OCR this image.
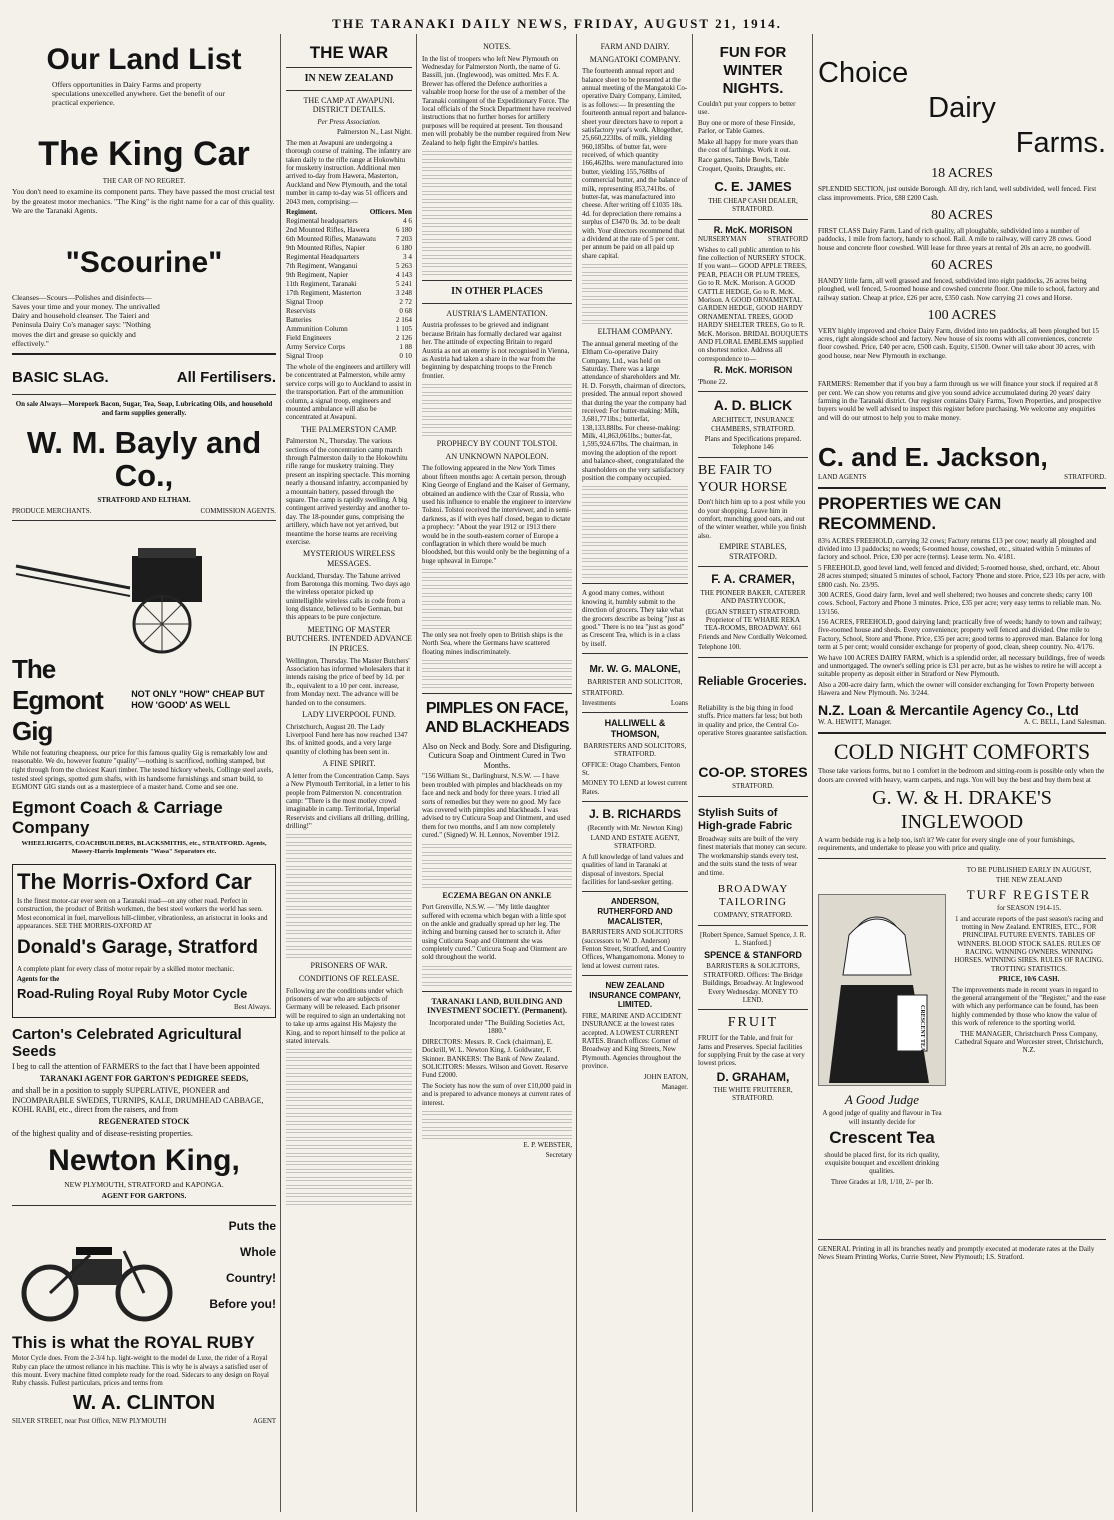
THE TARANAKI DAILY NEWS, FRIDAY, AUGUST 21, 1914.
Our Land List

Offers opportunities in Dairy Farms and property speculations unexcelled anywhere. Get the benefit of our practical experience.

The King Car

THE CAR OF NO REGRET.

You don't need to examine its component parts. They have passed the most crucial test by the greatest motor mechanics. "The King" is the right name for a car of this quality. We are the Taranaki Agents.

"Scourine"

Cleanses—Scours—Polishes and disinfects—Saves your time and your money. The unrivalled Dairy and household cleanser. The Taieri and Peninsula Dairy Co's manager says: "Nothing moves the dirt and grease so quickly and effectively."

BASIC SLAG.	All Fertilisers.

On sale Always—Morepork Bacon, Sugar, Tea, Soap, Lubricating Oils, and household and farm supplies generally.

W. M. Bayly and Co.,

STRATFORD AND ELTHAM.

PRODUCE MERCHANTS.	COMMISSION AGENTS.
The Egmont Gig
NOT ONLY "HOW" CHEAP BUT HOW 'GOOD' AS WELL

While not featuring cheapness, our price for this famous quality Gig is remarkably low and reasonable. We do, however feature "quality"—nothing is sacrificed, nothing stamped, but right through from the choicest Kauri timber. The tested hickory wheels, Collinge steel axels, tested steel springs, spotted gum shafts, with its handsome furnishings and smart build, to EGMONT GIG stands out as a masterpiece of a master hand. Come and see one.

Egmont Coach & Carriage Company

WHEELRIGHTS, COACHBUILDERS, BLACKSMITHS, etc., STRATFORD. Agents, Massey-Harris Implements "Wasa" Separators etc.

The Morris-Oxford Car

Is the finest motor-car ever seen on a Taranaki road—on any other road. Perfect in construction, the product of British workmen, the best steel workers the world has seen. Most economical in fuel, marvellous hill-climber, vibrationless, an aristocrat in looks and appearances. SEE THE MORRIS-OXFORD AT

Donald's Garage, Stratford

A complete plant for every class of motor repair by a skilled motor mechanic.

Agents for the

Road-Ruling Royal Ruby Motor Cycle

Best Always.

Carton's Celebrated Agricultural Seeds

I beg to call the attention of FARMERS to the fact that I have been appointed

TARANAKI AGENT FOR GARTON'S PEDIGREE SEEDS,

and shall be in a position to supply SUPERLATIVE, PIONEER and INCOMPARABLE SWEDES, TURNIPS, KALE, DRUMHEAD CABBAGE, KOHL RABI, etc., direct from the raisers, and from

REGENERATED STOCK

of the highest quality and of disease-resisting properties.

Newton King,

NEW PLYMOUTH, STRATFORD and KAPONGA.

AGENT FOR GARTONS.

Puts the
Whole
Country!
Before you!
This is what the ROYAL RUBY

Motor Cycle does. From the 2-3/4 h.p. light-weight to the model de Luxe, the rider of a Royal Ruby can place the utmost reliance in his machine. This is why he is always a satisfied user of this mount. Every machine fitted complete ready for the road. Sidecars to any design on Royal Ruby chassis. Fullest particulars, prices and terms from

W. A. CLINTON
SILVER STREET, near Post Office, NEW PLYMOUTH	AGENT
THE WAR
IN NEW ZEALAND
THE CAMP AT AWAPUNI. DISTRICT DETAILS.

Per Press Association.

Palmerston N., Last Night.

The men at Awapuni are undergoing a thorough course of training. The infantry are taken daily to the rifle range at Hokowhitu for musketry instruction. Additional men arrived to-day from Hawera, Masterton, Auckland and New Plymouth, and the total number in camp to-day was 51 officers and 2043 men, comprising:—

Regiment.	Officers. Men
Regimental headquarters	4 6
2nd Mounted Rifles, Hawera	6 180
6th Mounted Rifles, Manawatu	7 203
9th Mounted Rifles, Napier	6 180
Regimental Headquarters	3 4
7th Regiment, Wanganui	5 263
9th Regiment, Napier	4 143
11th Regiment, Taranaki	5 241
17th Regiment, Masterton	3 248
Signal Troop	2 72
Reservists	0 68
Batteries	2 164
Ammunition Column	1 105
Field Engineers	2 126
Army Service Corps	1 88
Signal Troop	0 10

The whole of the engineers and artillery will be concentrated at Palmerston, while army service corps will go to Auckland to assist in the transportation. Part of the ammunition column, a signal troop, engineers and mounted ambulance will also be concentrated at Awapuni.

THE PALMERSTON CAMP.

Palmerston N., Thursday. The various sections of the concentration camp march through Palmerston daily to the Hokowhitu rifle range for musketry training. They present an inspiring spectacle. This morning nearly a thousand infantry, accompanied by a mountain battery, passed through the square. The camp is rapidly swelling. A big contingent arrived yesterday and another to-day. The 18-pounder guns, comprising the artillery, which have not yet arrived, but meantime the horse teams are receiving exercise.

MYSTERIOUS WIRELESS MESSAGES.

Auckland, Thursday. The Tahune arrived from Barotonga this morning. Two days ago the wireless operator picked up unintelligible wireless calls in code from a long distance, believed to be German, but this appears to be pure conjecture.

MEETING OF MASTER BUTCHERS. INTENDED ADVANCE IN PRICES.

Wellington, Thursday. The Master Butchers' Association has informed wholesalers that it intends raising the price of beef by 1d. per lb., equivalent to a 10 per cent. increase, from Monday next. The advance will be handed on to the consumers.

LADY LIVERPOOL FUND.

Christchurch, August 20. The Lady Liverpool Fund here has now reached 1347 lbs. of knitted goods, and a very large quantity of clothing has been sent in.

A FINE SPIRIT.

A letter from the Concentration Camp. Says a New Plymouth Territorial, in a letter to his people from Palmerston N. concentration camp: "There is the most motley crowd imaginable in camp. Territorial, Imperial Reservists and civilians all drilling, drilling, drilling!"

PRISONERS OF WAR.
CONDITIONS OF RELEASE.

Following are the conditions under which prisoners of war who are subjects of Germany will be released. Each prisoner will be required to sign an undertaking not to take up arms against His Majesty the King, and to report himself to the police at stated intervals.

NOTES.

In the list of troopers who left New Plymouth on Wednesday for Palmerston North, the name of G. Bassill, jun. (Inglewood), was omitted. Mrs F. A. Brewer has offered the Defence authorities a valuable troop horse for the use of a member of the Taranaki contingent of the Expeditionary Force. The local officials of the Stock Department have received instructions that no further horses for artillery purposes will be required at present. Ten thousand men will probably be the number required from New Zealand to help fight the Empire's battles.

IN OTHER PLACES
AUSTRIA'S LAMENTATION.

Austria professes to be grieved and indignant because Britain has formally declared war against her. The attitude of expecting Britain to regard Austria as not an enemy is not recognised in Vienna, as Austria had taken a share in the war from the beginning by despatching troops to the French frontier.

PROPHECY BY COUNT TOLSTOI.
AN UNKNOWN NAPOLEON.

The following appeared in the New York Times about fifteen months ago: A certain person, through King George of England and the Kaiser of Germany, obtained an audience with the Czar of Russia, who used his influence to enable the engineer to interview Tolstoi. Tolstoi received the interviewer, and in semi-darkness, as if with eyes half closed, began to dictate a prophecy: "About the year 1912 or 1913 there would be in the south-eastern corner of Europe a conflagration in which there would be much bloodshed, but this would only be the beginning of a huge upheaval in Europe."

The only sea not freely open to British ships is the North Sea, where the Germans have scattered floating mines indiscriminately.

PIMPLES ON FACE, AND BLACKHEADS

Also on Neck and Body. Sore and Disfiguring. Cuticura Soap and Ointment Cured in Two Months.

"156 William St., Darlinghurst, N.S.W. — I have been troubled with pimples and blackheads on my face and neck and body for three years. I tried all sorts of remedies but they were no good. My face was covered with pimples and blackheads. I was advised to try Cuticura Soap and Ointment, and used them for two months, and I am now completely cured." (Signed) W. H. Lennox, November 1912.

ECZEMA BEGAN ON ANKLE

Port Grenville, N.S.W. — "My little daughter suffered with eczema which began with a little spot on the ankle and gradually spread up her leg. The itching and burning caused her to scratch it. After using Cuticura Soap and Ointment she was completely cured." Cuticura Soap and Ointment are sold throughout the world.

TARANAKI LAND, BUILDING AND INVESTMENT SOCIETY. (Permanent).

Incorporated under "The Building Societies Act, 1880."

DIRECTORS: Messrs. R. Cock (chairman), E. Dockrill, W. L. Newton King, J. Goldwater, F. Skinner. BANKERS: The Bank of New Zealand. SOLICITORS: Messrs. Wilson and Govett. Reserve Fund £2000.

The Society has now the sum of over £10,000 paid in and is prepared to advance moneys at current rates of interest.

E. P. WEBSTER,

Secretary

FARM AND DAIRY.
MANGATOKI COMPANY.

The fourteenth annual report and balance sheet to be presented at the annual meeting of the Mangatoki Co-operative Dairy Company, Limited, is as follows:— In presenting the fourteenth annual report and balance-sheet your directors have to report a satisfactory year's work. Altogether, 25,660,223lbs. of milk, yielding 960,185lbs. of butter fat, were received, of which quantity 166,462lbs. were manufactured into butter, yielding 155,768lbs of commercial butter, and the balance of milk, representing 853,741lbs. of butter-fat, was manufactured into cheese. After writing off £1035 18s. 4d. for depreciation there remains a surplus of £3470 0s. 3d. to be dealt with. Your directors recommend that a dividend at the rate of 5 per cent. per annum be paid on all paid up share capital.

ELTHAM COMPANY.

The annual general meeting of the Eltham Co-operative Dairy Company, Ltd., was held on Saturday. There was a large attendance of shareholders and Mr. H. D. Forsyth, chairman of directors, presided. The annual report showed that during the year the company had received: For butter-making: Milk, 3,681,771lbs.; butterfat, 138,133.88lbs. For cheese-making: Milk, 41,863,061lbs.; butter-fat, 1,595,924.67lbs. The chairman, in moving the adoption of the report and balance-sheet, congratulated the shareholders on the very satisfactory position the company occupied.

A good many comes, without knowing it, humbly submit to the direction of grocers. They take what the grocers describe as being "just as good." There is no tea "just as good" as Crescent Tea, which is in a class by itself.

Mr. W. G. MALONE,

BARRISTER AND SOLICITOR,

STRATFORD.

Investments	Loans
HALLIWELL & THOMSON,

BARRISTERS AND SOLICITORS, STRATFORD.

OFFICE: Otago Chambers, Fenton St.

MONEY TO LEND at lowest current Rates.

J. B. RICHARDS

(Recently with Mr. Newton King)

LAND AND ESTATE AGENT, STRATFORD.

A full knowledge of land values and qualities of land in Taranaki at disposal of investors. Special facilities for land-seeker getting.

ANDERSON, RUTHERFORD AND MACALISTER,

BARRISTERS AND SOLICITORS (successors to W. D. Anderson) Fenton Street, Stratford, and Country Offices, Whangamomona. Money to lend at lowest current rates.

NEW ZEALAND INSURANCE COMPANY, LIMITED.

FIRE, MARINE AND ACCIDENT INSURANCE at the lowest rates accepted. A LOWEST CURRENT RATES. Branch offices: Corner of Broadway and King Streets, New Plymouth. Agencies throughout the province.

JOHN EATON,

Manager.

FUN FOR WINTER NIGHTS.

Couldn't put your coppers to better use.

Buy one or more of these Fireside, Parlor, or Table Games.

Make all happy for more years than the cost of farthings. Work it out.

Race games, Table Bowls, Table Croquet, Quoits, Draughts, etc.

C. E. JAMES

THE CHEAP CASH DEALER, STRATFORD.

R. McK. MORISON
NURSERYMAN	STRATFORD

Wishes to call public attention to his fine collection of NURSERY STOCK. If you want— GOOD APPLE TREES, PEAR, PEACH OR PLUM TREES, Go to R. McK. Morison. A GOOD CATTLE HEDGE, Go to R. McK. Morison. A GOOD ORNAMENTAL GARDEN HEDGE, GOOD HARDY ORNAMENTAL TREES, GOOD HARDY SHELTER TREES, Go to R. McK. Morison. BRIDAL BOUQUETS AND FLORAL EMBLEMS supplied on shortest notice. Address all correspondence to—

R. McK. MORISON

'Phone 22.

A. D. BLICK

ARCHITECT, INSURANCE CHAMBERS, STRATFORD.

Plans and Specifications prepared. Telephone 146

BE FAIR TO YOUR HORSE

Don't hitch him up to a post while you do your shopping. Leave him in comfort, munching good oats, and out of the winter weather, while you finish also.

EMPIRE STABLES, STRATFORD.

F. A. CRAMER,

THE PIONEER BAKER, CATERER AND PASTRYCOOK,

(EGAN STREET) STRATFORD. Proprietor of TE WHARE REKA TEA-ROOMS, BROADWAY. 661 Friends and New Cordially Welcomed.

Telephone 100.

Reliable Groceries.

Reliability is the big thing in food stuffs. Price matters far less; but both in quality and price, the Central Co-operative Stores guarantee satisfaction.

CO-OP. STORES

STRATFORD.

Stylish Suits of High-grade Fabric

Broadway suits are built of the very finest materials that money can secure. The workmanship stands every test, and the suits stand the tests of wear and time.

BROADWAY TAILORING

COMPANY, STRATFORD.

[Robert Spence, Samuel Spence, J. R. L. Stanford.]

SPENCE & STANFORD

BARRISTERS & SOLICITORS, STRATFORD. Offices: The Bridge Buildings, Broadway. At Inglewood Every Wednesday. MONEY TO LEND.

FRUIT

FRUIT for the Table, and fruit for Jams and Preserves. Special facilities for supplying Fruit by the case at very lowest prices.

D. GRAHAM,

THE WHITE FRUITERER, STRATFORD.

Choice
Dairy
Farms.
18 ACRES

SPLENDID SECTION, just outside Borough. All dry, rich land, well subdivided, well fenced. First class improvements. Price, £88 £200 Cash.

80 ACRES

FIRST CLASS Dairy Farm. Land of rich quality, all ploughable, subdivided into a number of paddocks, 1 mile from factory, handy to school. Rail. A mile to railway, will carry 28 cows. Good house and concrete floor cowshed. Will lease for three years at rental of 20s an acre, no goodwill.

60 ACRES

HANDY little farm, all well grassed and fenced, subdivided into eight paddocks, 26 acres being ploughed, well fenced, 5-roomed house and cowshed concrete floor. One mile to school, factory and railway station. Cheap at price, £26 per acre, £350 cash. Now carrying 21 cows and Horse.

100 ACRES

VERY highly improved and choice Dairy Farm, divided into ten paddocks, all been ploughed but 15 acres, right alongside school and factory. New house of six rooms with all conveniences, concrete floor cowshed. Price, £40 per acre, £500 cash. Equity, £1500. Owner will take about 30 acres, with good house, near New Plymouth in exchange.

FARMERS: Remember that if you buy a farm through us we will finance your stock if required at 8 per cent. We can show you returns and give you sound advice accumulated during 20 years' dairy farming in the Taranaki district. Our register contains Dairy Farms, Town Properties, and prospective buyers would be well advised to inspect this register before purchasing. We welcome any enquiries and will do our utmost to help you to make money.

C. and E. Jackson,
LAND AGENTS	STRATFORD.
PROPERTIES WE CAN RECOMMEND.

83¼ ACRES FREEHOLD, carrying 32 cows; Factory returns £13 per cow; nearly all ploughed and divided into 13 paddocks; no weeds; 6-roomed house, cowshed, etc., situated within 5 minutes of factory and school. Price, £30 per acre (terms). Lease term. No. 4/181.

5 FREEHOLD, good level land, well fenced and divided; 5-roomed house, shed, orchard, etc. About 28 acres stumped; situated 5 minutes of school, Factory 'Phone and store. Price, £23 10s per acre, with £800 cash. No. 23/95.

300 ACRES, Good dairy farm, level and well sheltered; two houses and concrete sheds; carry 100 cows. School, Factory and Phone 3 minutes. Price, £35 per acre; very easy terms to reliable man. No. 13/156.

156 ACRES, FREEHOLD, good dairying land; practically free of weeds; handy to town and railway; five-roomed house and sheds. Every convenience; property well fenced and divided. One mile to Factory, School, Store and 'Phone. Price, £35 per acre; good terms to approved man. Balance for long term at 5 per cent; would consider exchange for property of good, clean, sheep country. No. 4/176.

We have 100 ACRES DAIRY FARM, which is a splendid order, all necessary buildings, free of weeds and unmortgaged. The owner's selling price is £31 per acre, but as he wishes to retire he will accept a suitable property as deposit either in Stratford or New Plymouth.

Also a 200-acre dairy farm, which the owner will consider exchanging for Town Property between Hawera and New Plymouth. No. 3/244.

N.Z. Loan & Mercantile Agency Co., Ltd
W. A. HEWITT, Manager.	A. C. BELL, Land Salesman.
COLD NIGHT COMFORTS

Those take various forms, but no 1 comfort in the bedroom and sitting-room is possible only when the doors are covered with heavy, warm carpets, and rugs. You will buy the best and buy them best at

G. W. & H. DRAKE'S
INGLEWOOD

A warm bedside rug is a help too, isn't it? We cater for every single one of your furnishings, requirements, and undertake to please you with price and quality.

CRESCENT TEA
A Good Judge

A good judge of quality and flavour in Tea will instantly decide for

Crescent Tea

should be placed first, for its rich quality, exquisite bouquet and excellent drinking qualities.

Three Grades at 1/8, 1/10, 2/- per lb.

TO BE PUBLISHED EARLY IN AUGUST,

THE NEW ZEALAND

TURF REGISTER

for SEASON 1914-15.

1 and accurate reports of the past season's racing and trotting in New Zealand. ENTRIES, ETC., FOR PRINCIPAL FUTURE EVENTS. TABLES OF WINNERS. BLOOD STOCK SALES. RULES OF RACING. WINNING OWNERS. WINNING HORSES. WINNING SIRES. RULES OF RACING. TROTTING STATISTICS.

PRICE, 10/6 CASH.

The improvements made in recent years in regard to the general arrangement of the "Register," and the ease with which any performance can be found, has been highly commended by those who know the value of this work of reference to the sporting world.

THE MANAGER, Christchurch Press Company, Cathedral Square and Worcester street, Christchurch, N.Z.

GENERAL Printing in all its branches neatly and promptly executed at moderate rates at the Daily News Steam Printing Works, Currie Street, New Plymouth; I.S. Stratford.
